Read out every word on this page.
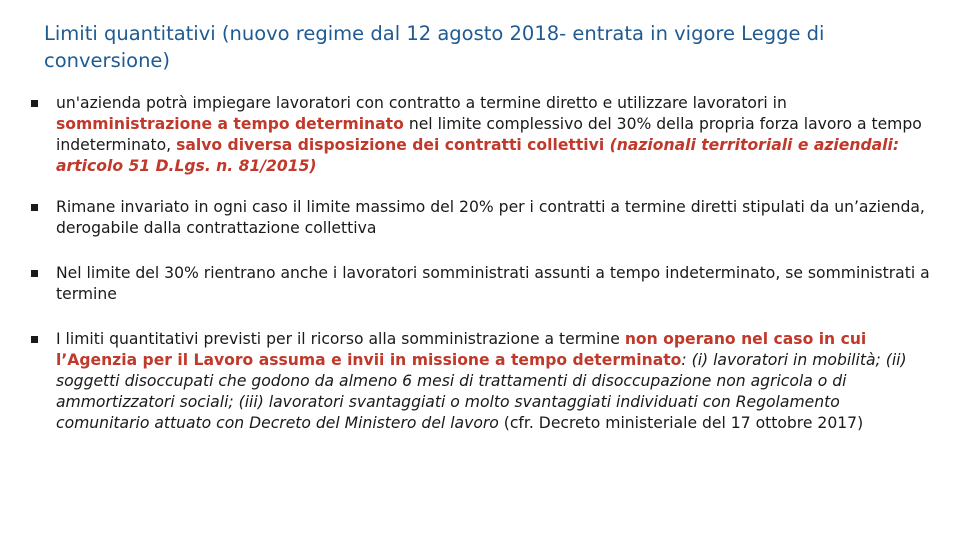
Limiti quantitativi (nuovo regime dal 12 agosto 2018- entrata in vigore Legge di conversione)
un'azienda potrà impiegare lavoratori con contratto a termine diretto e utilizzare lavoratori in somministrazione a tempo determinato nel limite complessivo del 30% della propria forza lavoro a tempo indeterminato, salvo diversa disposizione dei contratti collettivi (nazionali territoriali e aziendali: articolo 51 D.Lgs. n. 81/2015)
Rimane invariato in ogni caso il limite massimo del 20% per i contratti a termine diretti stipulati da un’azienda, derogabile dalla contrattazione collettiva
Nel limite del 30% rientrano anche i lavoratori somministrati assunti a tempo indeterminato, se somministrati a termine
I limiti quantitativi previsti per il ricorso alla somministrazione a termine non operano nel caso in cui l’Agenzia per il Lavoro assuma e invii in missione a tempo determinato: (i) lavoratori in mobilità; (ii) soggetti disoccupati che godono da almeno 6 mesi di trattamenti di disoccupazione non agricola o di ammortizzatori sociali; (iii) lavoratori svantaggiati o molto svantaggiati individuati con Regolamento comunitario attuato con Decreto del Ministero del lavoro (cfr. Decreto ministeriale del 17 ottobre 2017)
